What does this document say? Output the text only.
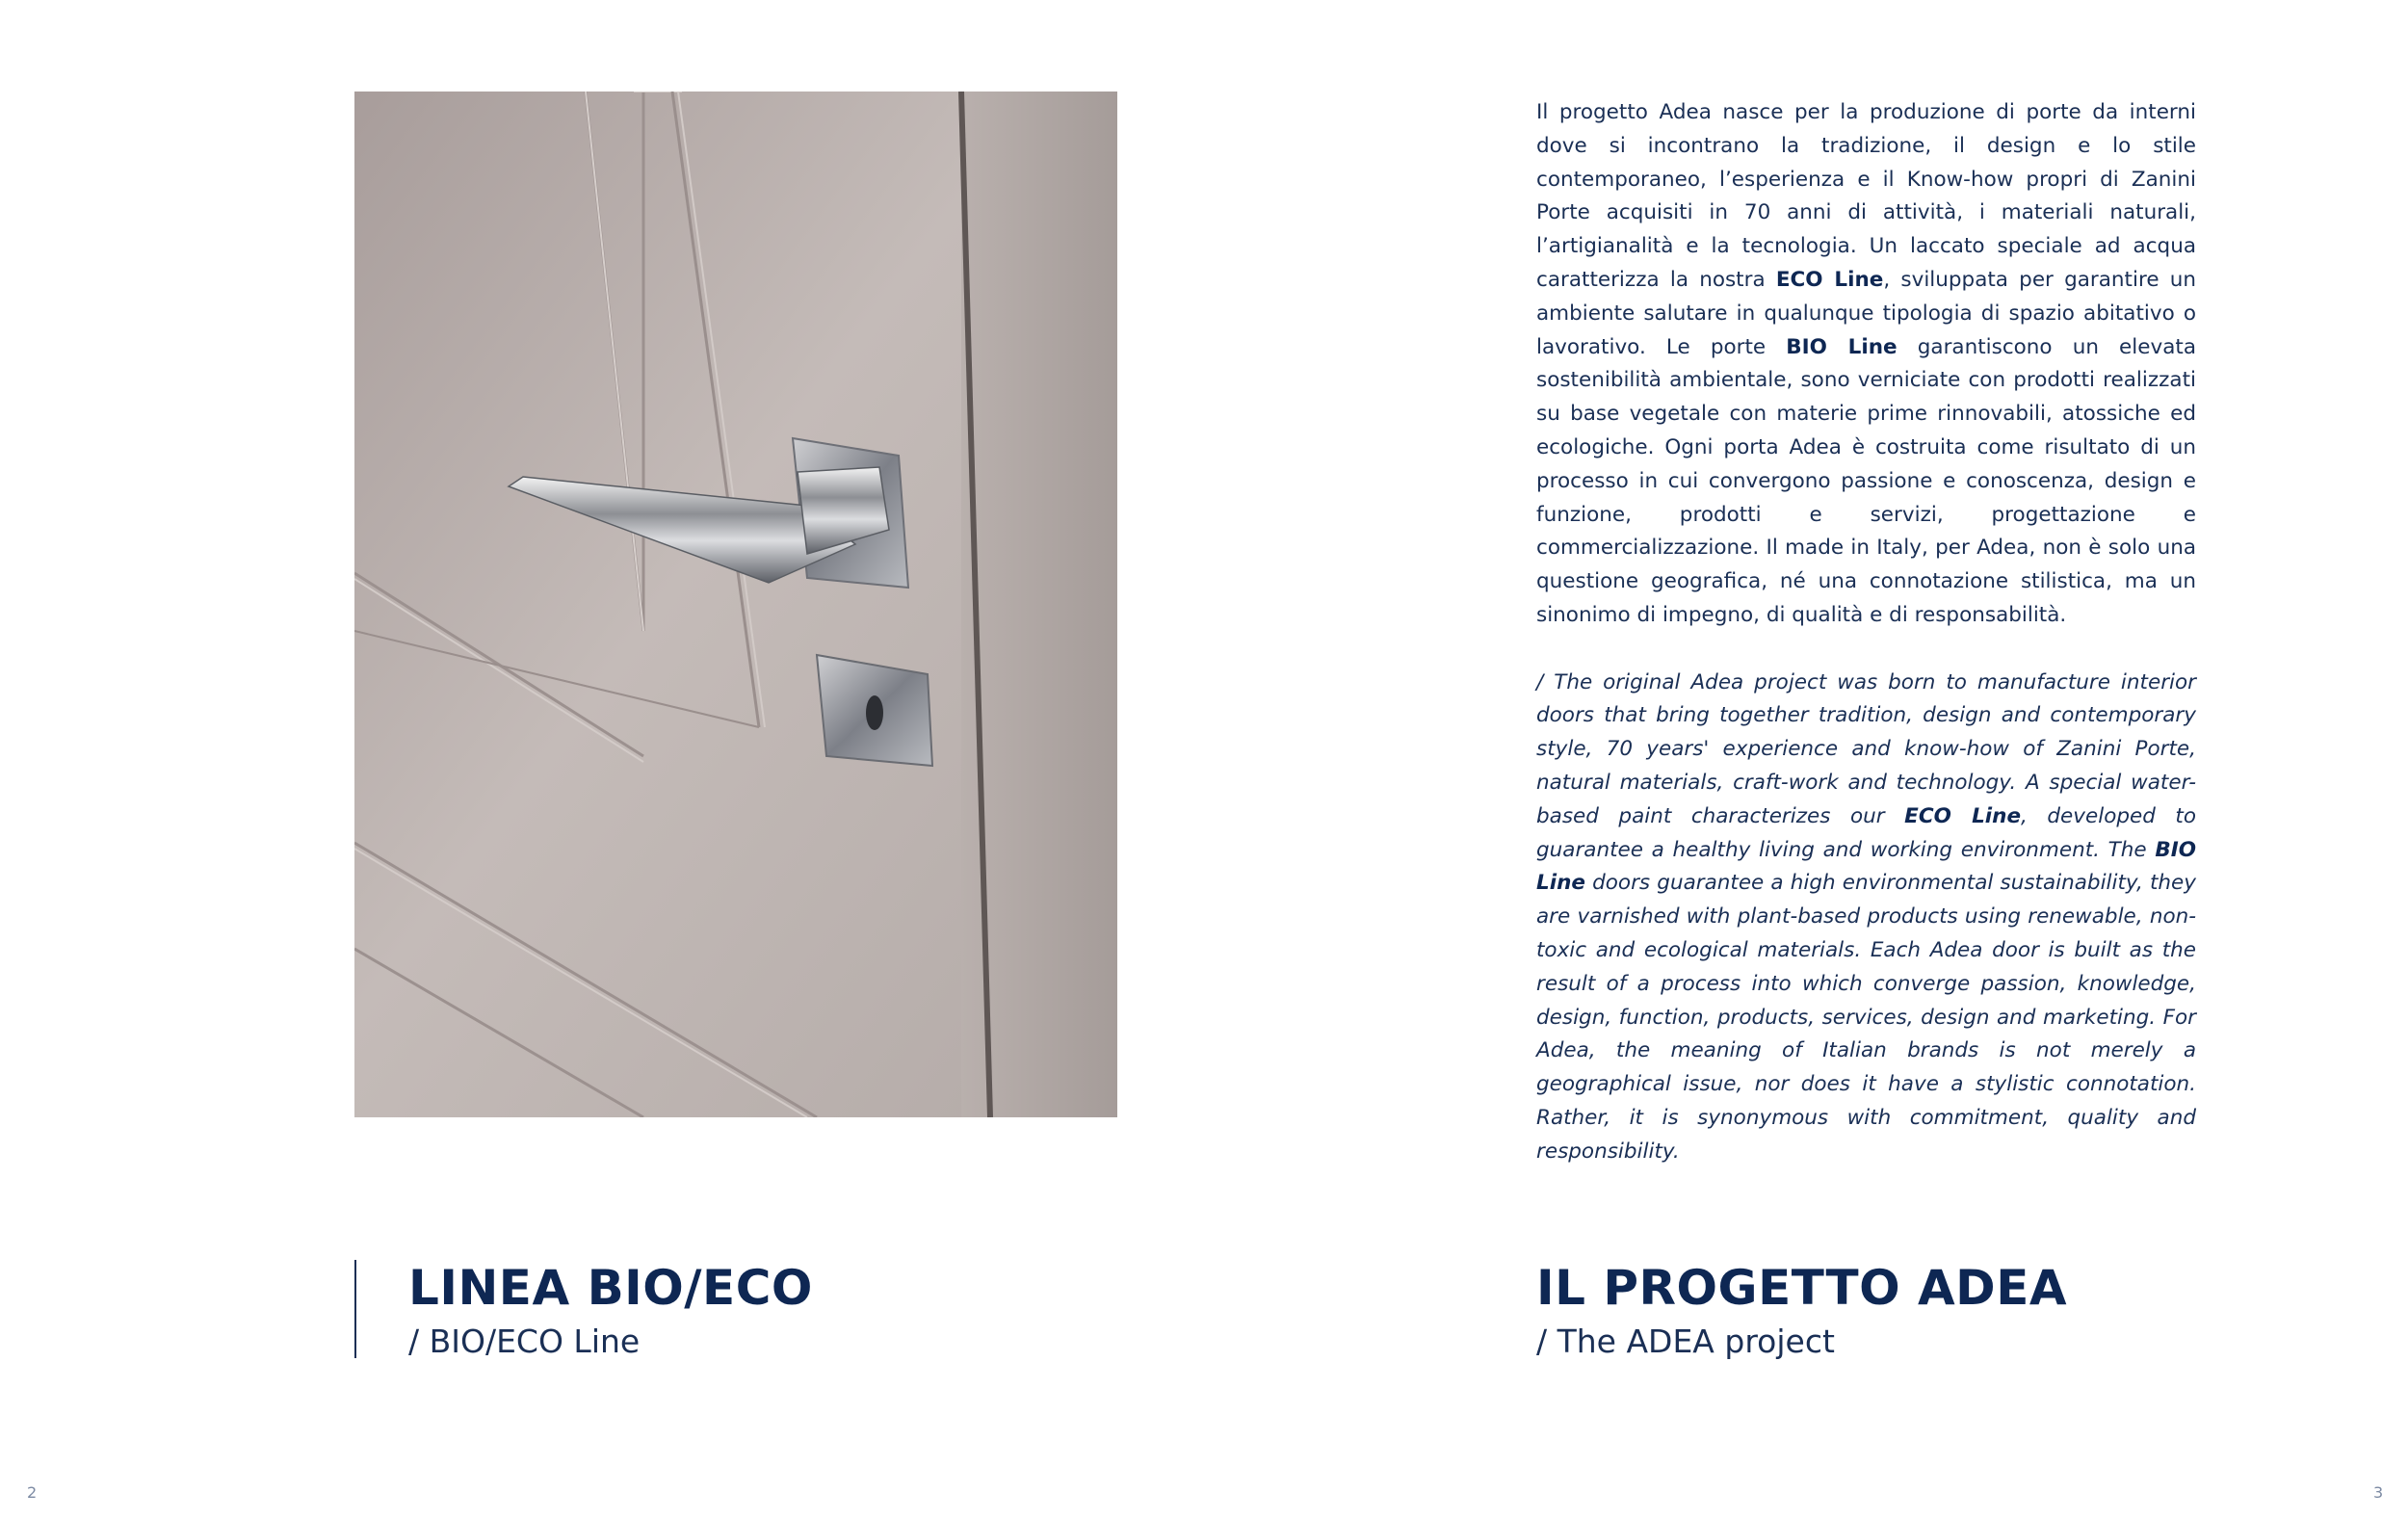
LINEA BIO/ECO
/ BIO/ECO Line
2

Il progetto Adea nasce per la produzione di porte da interni dove si incontrano la tradizione, il design e lo stile contemporaneo, l’esperienza e il Know-how propri di Zanini Porte acquisiti in 70 anni di attività, i materiali naturali, l’artigianalità e la tecnologia. Un laccato speciale ad acqua caratterizza la nostra ECO Line, sviluppata per garantire un ambiente salutare in qualunque tipologia di spazio abitativo o lavorativo. Le porte BIO Line garantiscono un elevata sostenibilità ambientale, sono verniciate con prodotti realizzati su base vegetale con materie prime rinnovabili, atossiche ed ecologiche. Ogni porta Adea è costruita come risultato di un processo in cui convergono passione e conoscenza, design e funzione, prodotti e servizi, progettazione e commercializzazione. Il made in Italy, per Adea, non è solo una questione geografica, né una connotazione stilistica, ma un sinonimo di impegno, di qualità e di responsabilità.

/ The original Adea project was born to manufacture interior doors that bring together tradition, design and contemporary style, 70 years' experience and know-how of Zanini Porte, natural materials, craft-work and technology. A special water-based paint characterizes our ECO Line, developed to guarantee a healthy living and working environment. The BIO Line doors guarantee a high environmental sustainability, they are varnished with plant-based products using renewable, non-toxic and ecological materials. Each Adea door is built as the result of a process into which converge passion, knowledge, design, function, products, services, design and marketing. For Adea, the meaning of Italian brands is not merely a geographical issue, nor does it have a stylistic connotation. Rather, it is synonymous with commitment, quality and responsibility.

IL PROGETTO ADEA
/ The ADEA project
3
